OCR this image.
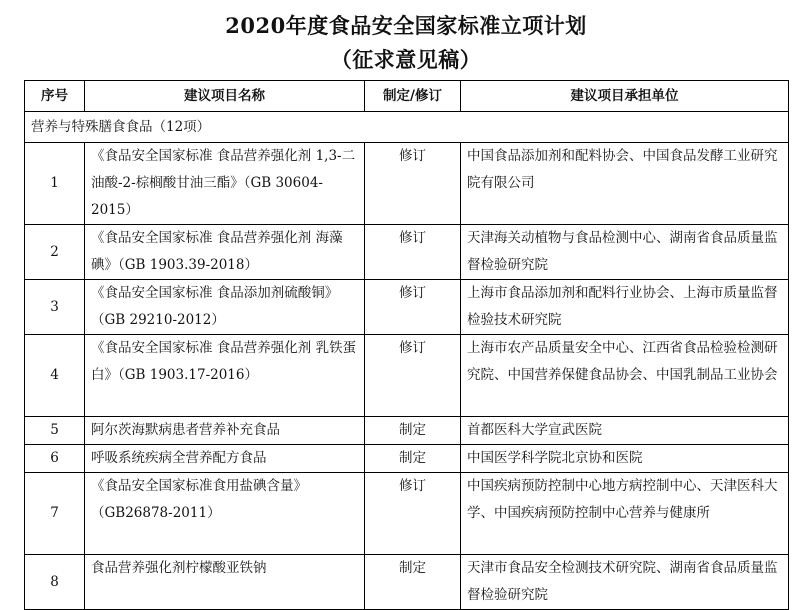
2020年度食品安全国家标准立项计划
（征求意见稿）
序号	建议项目名称	制定/修订	建议项目承担单位
营养与特殊膳食食品（12项）			
1	《食品安全国家标准 食品营养强化剂 1,3-二油酸-2-棕榈酸甘油三酯》（GB 30604-2015）	修订	中国食品添加剂和配料协会、中国食品发酵工业研究院有限公司
2	《食品安全国家标准 食品营养强化剂 海藻碘》（GB 1903.39-2018）	修订	天津海关动植物与食品检测中心、湖南省食品质量监督检验研究院
3	《食品安全国家标准 食品添加剂硫酸铜》（GB 29210-2012）	修订	上海市食品添加剂和配料行业协会、上海市质量监督检验技术研究院
4	《食品安全国家标准 食品营养强化剂 乳铁蛋白》（GB 1903.17-2016）	修订	上海市农产品质量安全中心、江西省食品检验检测研究院、中国营养保健食品协会、中国乳制品工业协会
5	阿尔茨海默病患者营养补充食品	制定	首都医科大学宣武医院
6	呼吸系统疾病全营养配方食品	制定	中国医学科学院北京协和医院
7	《食品安全国家标准食用盐碘含量》（GB26878-2011）	修订	中国疾病预防控制中心地方病控制中心、天津医科大学、中国疾病预防控制中心营养与健康所
8	食品营养强化剂柠檬酸亚铁钠	制定	天津市食品安全检测技术研究院、湖南省食品质量监督检验研究院
